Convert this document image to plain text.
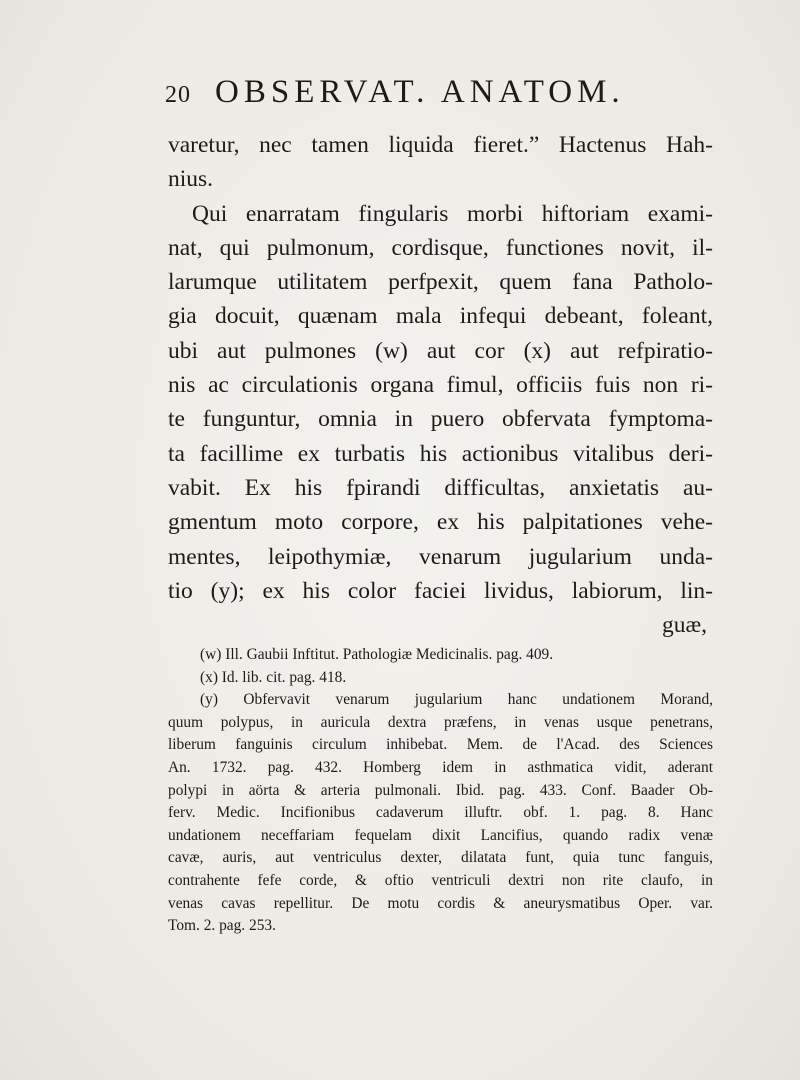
20 OBSERVAT. ANATOM.
varetur, nec tamen liquida fieret.” Hactenus Hah-
nius.
Qui enarratam fingularis morbi hiftoriam exami-
nat, qui pulmonum, cordisque, functiones novit, il-
larumque utilitatem perfpexit, quem fana Patholo-
gia docuit, quænam mala infequi debeant, foleant,
ubi aut pulmones (w) aut cor (x) aut refpiratio-
nis ac circulationis organa fimul, officiis fuis non ri-
te funguntur, omnia in puero obfervata fymptoma-
ta facillime ex turbatis his actionibus vitalibus deri-
vabit. Ex his fpirandi difficultas, anxietatis au-
gmentum moto corpore, ex his palpitationes vehe-
mentes, leipothymiæ, venarum jugularium unda-
tio (y); ex his color faciei lividus, labiorum, lin-
guæ,
(w) Ill. Gaubii Inftitut. Pathologiæ Medicinalis. pag. 409.
(x) Id. lib. cit. pag. 418.
(y) Obfervavit venarum jugularium hanc undationem Morand,
quum polypus, in auricula dextra præfens, in venas usque penetrans,
liberum fanguinis circulum inhibebat. Mem. de l'Acad. des Sciences
An. 1732. pag. 432. Homberg idem in asthmatica vidit, aderant
polypi in aörta & arteria pulmonali. Ibid. pag. 433. Conf. Baader Ob-
ferv. Medic. Incifionibus cadaverum illuftr. obf. 1. pag. 8. Hanc
undationem neceffariam fequelam dixit Lancifius, quando radix venæ
cavæ, auris, aut ventriculus dexter, dilatata funt, quia tunc fanguis,
contrahente fefe corde, & oftio ventriculi dextri non rite claufo, in
venas cavas repellitur. De motu cordis & aneurysmatibus Oper. var.
Tom. 2. pag. 253.
